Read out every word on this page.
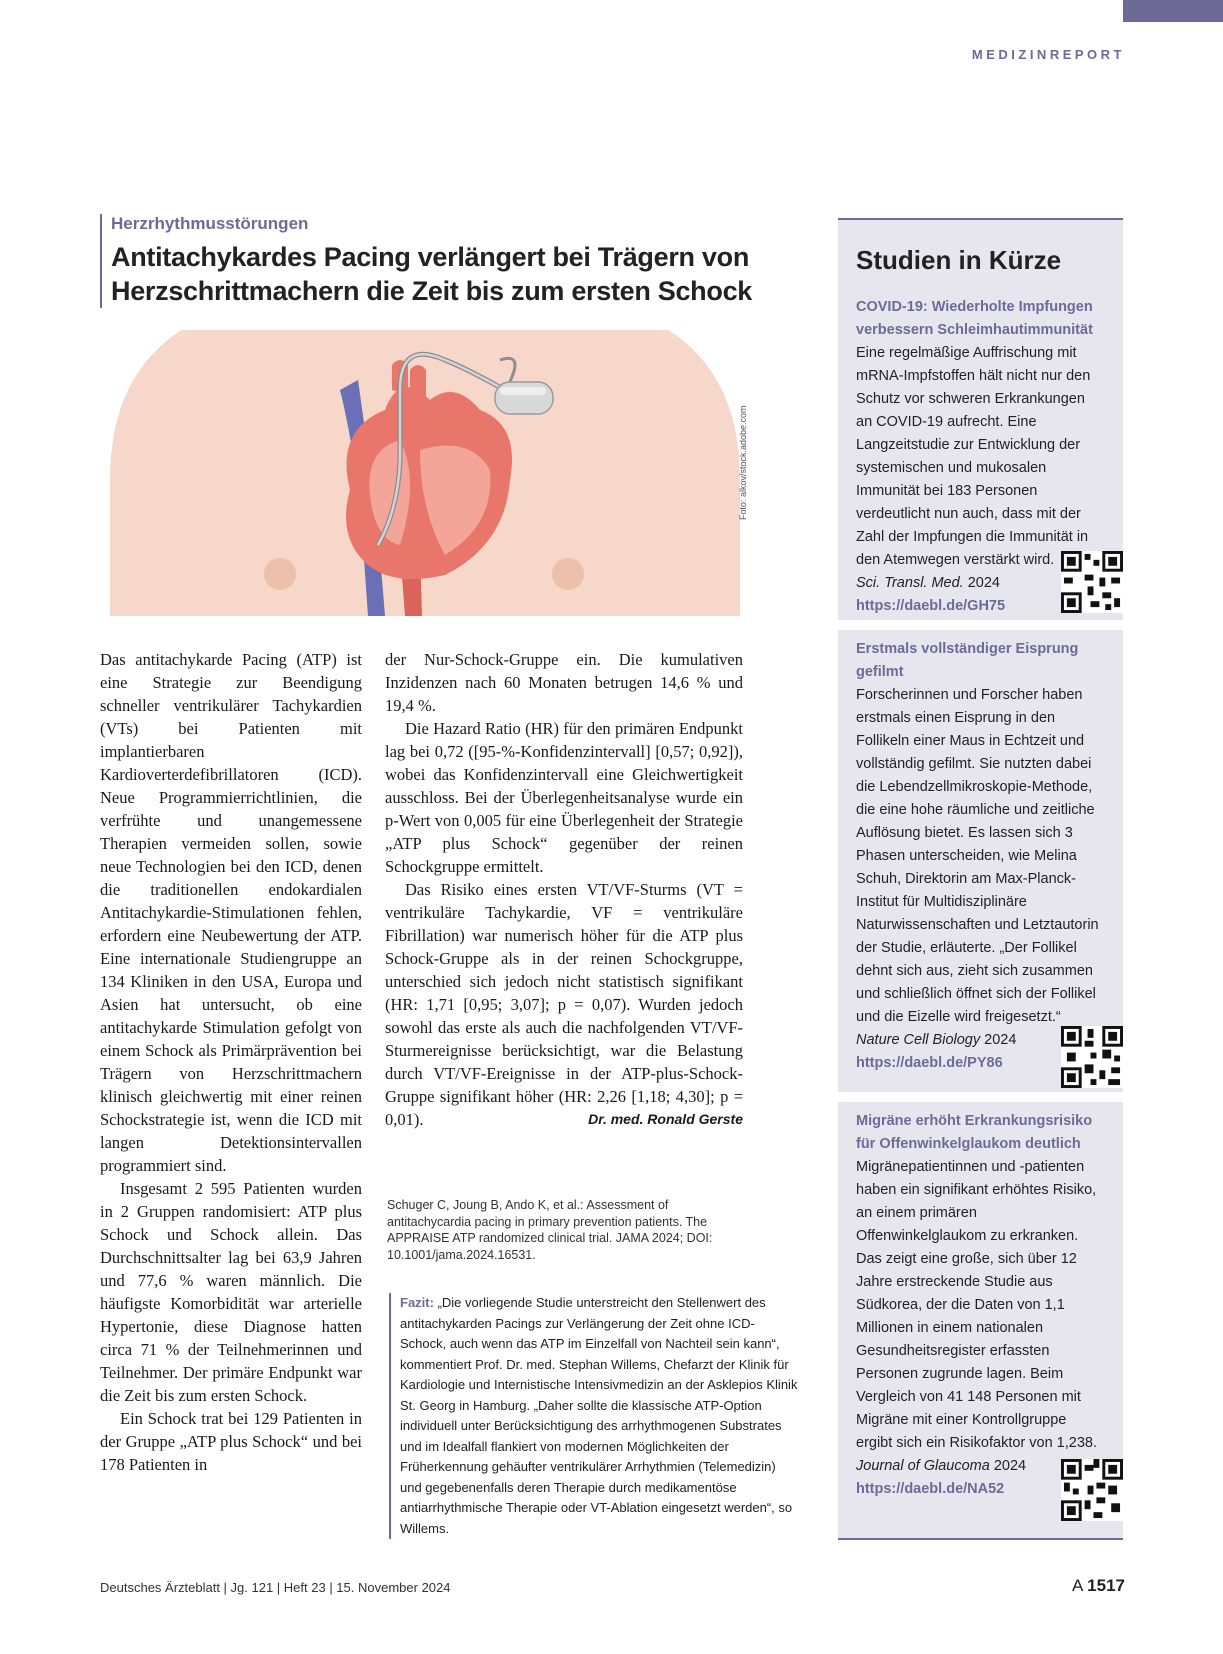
MEDIZINREPORT
Herzrhythmusstörungen
Antitachykardes Pacing verlängert bei Trägern von
Herzschrittmachern die Zeit bis zum ersten Schock
Foto: alkov/stock.adobe.com

Das antitachykarde Pacing (ATP) ist eine Strategie zur Beendigung schneller ventrikulärer Tachykardien (VTs) bei Patienten mit implantierbaren Kardioverterdefibrillatoren (ICD). Neue Programmierrichtlinien, die verfrühte und unangemessene Therapien vermeiden sollen, sowie neue Technologien bei den ICD, denen die traditionellen endokardialen Antitachykardie-Stimulationen fehlen, erfordern eine Neubewertung der ATP. Eine internationale Studiengruppe an 134 Kliniken in den USA, Europa und Asien hat untersucht, ob eine antitachykarde Stimulation gefolgt von einem Schock als Primärprävention bei Trägern von Herzschrittmachern klinisch gleichwertig mit einer reinen Schockstrategie ist, wenn die ICD mit langen Detektionsintervallen programmiert sind.

Insgesamt 2 595 Patienten wurden in 2 Gruppen randomisiert: ATP plus Schock und Schock allein. Das Durchschnittsalter lag bei 63,9 Jahren und 77,6 % waren männlich. Die häufigste Komorbidität war arterielle Hypertonie, diese Diagnose hatten circa 71 % der Teilnehmerinnen und Teilnehmer. Der primäre Endpunkt war die Zeit bis zum ersten Schock.

Ein Schock trat bei 129 Patienten in der Gruppe „ATP plus Schock“ und bei 178 Patienten in

der Nur-Schock-Gruppe ein. Die kumulativen Inzidenzen nach 60 Monaten betrugen 14,6 % und 19,4 %.

Die Hazard Ratio (HR) für den primären Endpunkt lag bei 0,72 ([95-%-Konfidenzintervall] [0,57; 0,92]), wobei das Konfidenzintervall eine Gleichwertigkeit ausschloss. Bei der Überlegenheitsanalyse wurde ein p-Wert von 0,005 für eine Überlegenheit der Strategie „ATP plus Schock“ gegenüber der reinen Schockgruppe ermittelt.

Das Risiko eines ersten VT/VF-Sturms (VT = ventrikuläre Tachykardie, VF = ventrikuläre Fibrillation) war numerisch höher für die ATP plus Schock-Gruppe als in der reinen Schockgruppe, unterschied sich jedoch nicht statistisch signifikant (HR: 1,71 [0,95; 3,07]; p = 0,07). Wurden jedoch sowohl das erste als auch die nachfolgenden VT/VF-Sturmereignisse berücksichtigt, war die Belastung durch VT/VF-Ereignisse in der ATP-plus-Schock-Gruppe signifikant höher (HR: 2,26 [1,18; 4,30]; p = 0,01).	Dr. med. Ronald Gerste

Schuger C, Joung B, Ando K, et al.: Assessment of antitachycardia pacing in primary prevention patients. The APPRAISE ATP randomized clinical trial. JAMA 2024; DOI: 10.1001/jama.2024.16531.
Fazit: „Die vorliegende Studie unterstreicht den Stellenwert des antitachykarden Pacings zur Verlängerung der Zeit ohne ICD-Schock, auch wenn das ATP im Einzelfall von Nachteil sein kann“, kommentiert Prof. Dr. med. Stephan Willems, Chefarzt der Klinik für Kardiologie und Internistische Intensivmedizin an der Asklepios Klinik St. Georg in Hamburg. „Daher sollte die klassische ATP-Option individuell unter Berücksichtigung des arrhythmogenen Substrates und im Idealfall flankiert von modernen Möglichkeiten der Früherkennung gehäufter ventrikulärer Arrhythmien (Telemedizin) und gegebenenfalls deren Therapie durch medikamentöse antiarrhythmische Therapie oder VT-Ablation eingesetzt werden“, so Willems.
Studien in Kürze
COVID-19: Wiederholte Impfungen verbessern Schleimhautimmunität
Eine regelmäßige Auffrischung mit mRNA-Impfstoffen hält nicht nur den Schutz vor schweren Erkrankungen an COVID-19 aufrecht. Eine Langzeitstudie zur Entwicklung der systemischen und mukosalen Immunität bei 183 Personen verdeutlicht nun auch, dass mit der Zahl der Impfungen die Immunität in den Atemwegen verstärkt wird.
Sci. Transl. Med. 2024
https://daebl.de/GH75
Erstmals vollständiger Eisprung gefilmt
Forscherinnen und Forscher haben erstmals einen Eisprung in den Follikeln einer Maus in Echtzeit und vollständig gefilmt. Sie nutzten dabei die Lebendzellmikroskopie-Methode, die eine hohe räumliche und zeitliche Auflösung bietet. Es lassen sich 3 Phasen unterscheiden, wie Melina Schuh, Direktorin am Max-Planck-Institut für Multidisziplinäre Naturwissenschaften und Letztautorin der Studie, erläuterte. „Der Follikel dehnt sich aus, zieht sich zusammen und schließlich öffnet sich der Follikel und die Eizelle wird freigesetzt.“
Nature Cell Biology 2024
https://daebl.de/PY86
Migräne erhöht Erkrankungsrisiko für Offenwinkelglaukom deutlich
Migränepatientinnen und -patienten haben ein signifikant erhöhtes Risiko, an einem primären Offenwinkelglaukom zu erkranken. Das zeigt eine große, sich über 12 Jahre erstreckende Studie aus Südkorea, der die Daten von 1,1 Millionen in einem nationalen Gesundheitsregister erfassten Personen zugrunde lagen. Beim Vergleich von 41 148 Personen mit Migräne mit einer Kontrollgruppe ergibt sich ein Risikofaktor von 1,238.
Journal of Glaucoma 2024
https://daebl.de/NA52
Deutsches Ärzteblatt | Jg. 121 | Heft 23 | 15. November 2024	A 1517
